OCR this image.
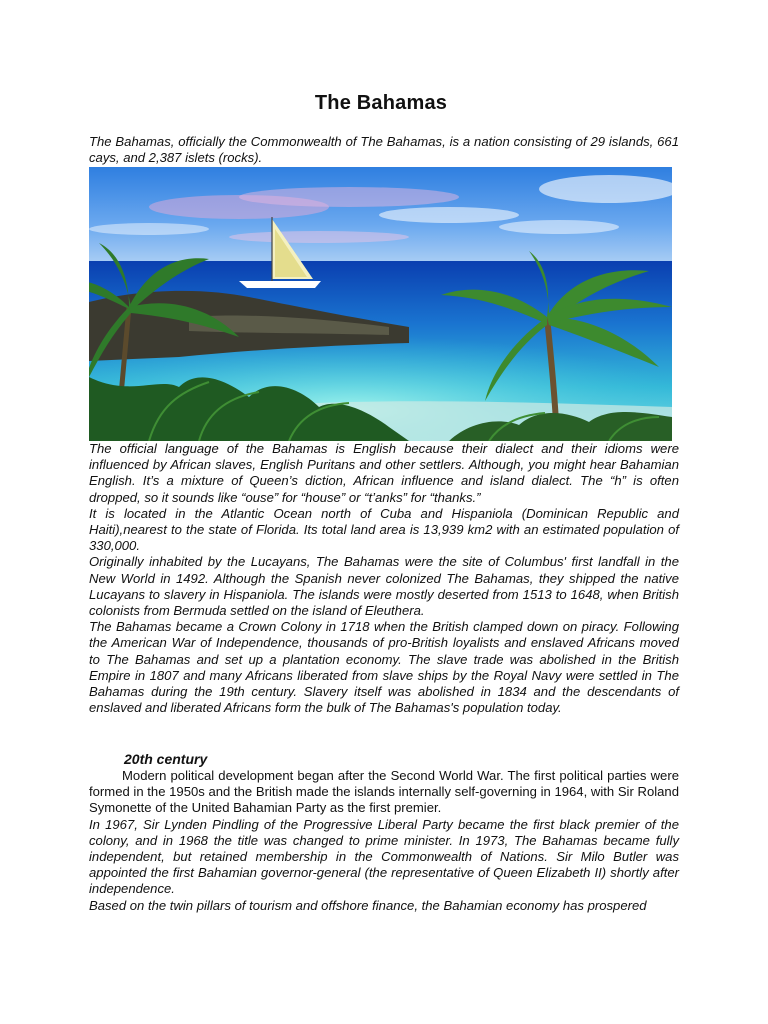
The Bahamas

The Bahamas, officially the Commonwealth of The Bahamas, is a nation consisting of 29 islands, 661 cays, and 2,387 islets (rocks).

The official language of the Bahamas is English because their dialect and their idioms were influenced by African slaves, English Puritans and other settlers. Although, you might hear Bahamian English. It’s a mixture of Queen’s diction, African influence and island dialect. The “h” is often dropped, so it sounds like “ouse” for “house” or “t’anks” for “thanks.”
It is located in the Atlantic Ocean north of Cuba and Hispaniola (Dominican Republic and Haiti),nearest to the state of Florida. Its total land area is 13,939 km2 with an estimated population of 330,000.
Originally inhabited by the Lucayans, The Bahamas were the site of Columbus' first landfall in the New World in 1492. Although the Spanish never colonized The Bahamas, they shipped the native Lucayans to slavery in Hispaniola. The islands were mostly deserted from 1513 to 1648, when British colonists from Bermuda settled on the island of Eleuthera.
The Bahamas became a Crown Colony in 1718 when the British clamped down on piracy. Following the American War of Independence, thousands of pro-British loyalists and enslaved Africans moved to The Bahamas and set up a plantation economy. The slave trade was abolished in the British Empire in 1807 and many Africans liberated from slave ships by the Royal Navy were settled in The Bahamas during the 19th century. Slavery itself was abolished in 1834 and the descendants of enslaved and liberated Africans form the bulk of The Bahamas's population today.
20th century
Modern political development began after the Second World War. The first political parties were formed in the 1950s and the British made the islands internally self-governing in 1964, with Sir Roland Symonette of the United Bahamian Party as the first premier.
In 1967, Sir Lynden Pindling of the Progressive Liberal Party became the first black premier of the colony, and in 1968 the title was changed to prime minister. In 1973, The Bahamas became fully independent, but retained membership in the Commonwealth of Nations. Sir Milo Butler was appointed the first Bahamian governor-general (the representative of Queen Elizabeth II) shortly after independence.
Based on the twin pillars of tourism and offshore finance, the Bahamian economy has prospered
